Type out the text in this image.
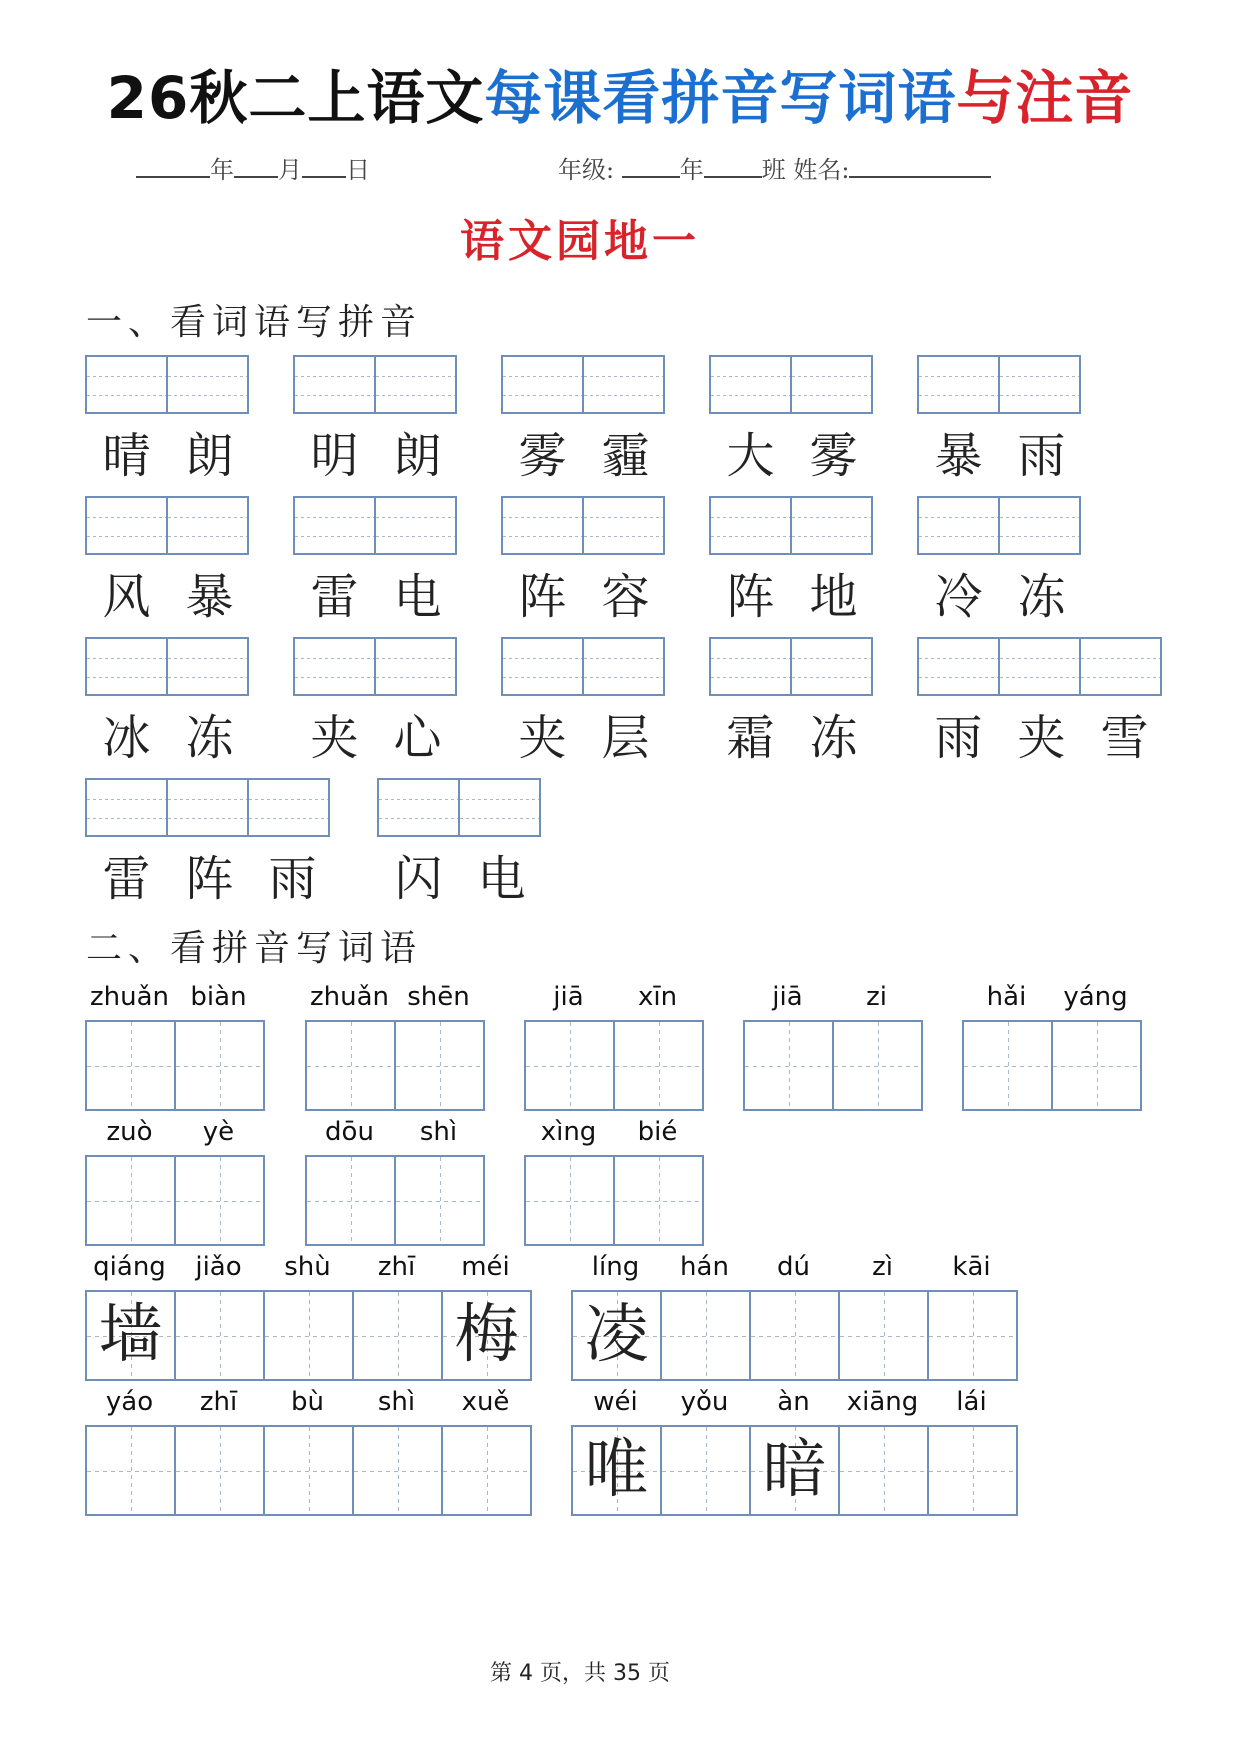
26秋二上语文每课看拼音写词语与注音
年 月 日	年级:	年 班 姓名:
语文园地一
一、看词语写拼音
晴 朗	明 朗	雾 霾	大 雾	暴 雨
风 暴	雷 电	阵 容	阵 地	冷 冻
冰 冻	夹 心	夹 层	霜 冻	雨 夹 雪
雷 阵 雨	闪 电
二、看拼音写词语
zhuǎn biàn	zhuǎn shēn	jiā	xīn	jiā	zi	hǎi	yáng
zuò	yè	dōu	shì	xìng	bié
qiáng	jiǎo	shù	zhī	méi
墙	梅
líng	hán	dú	zì	kāi
凌
yáo	zhī	bù	shì	xuě	wéi	yǒu	àn	xiāng	lái
唯 暗
第 4 页，共 35 页
